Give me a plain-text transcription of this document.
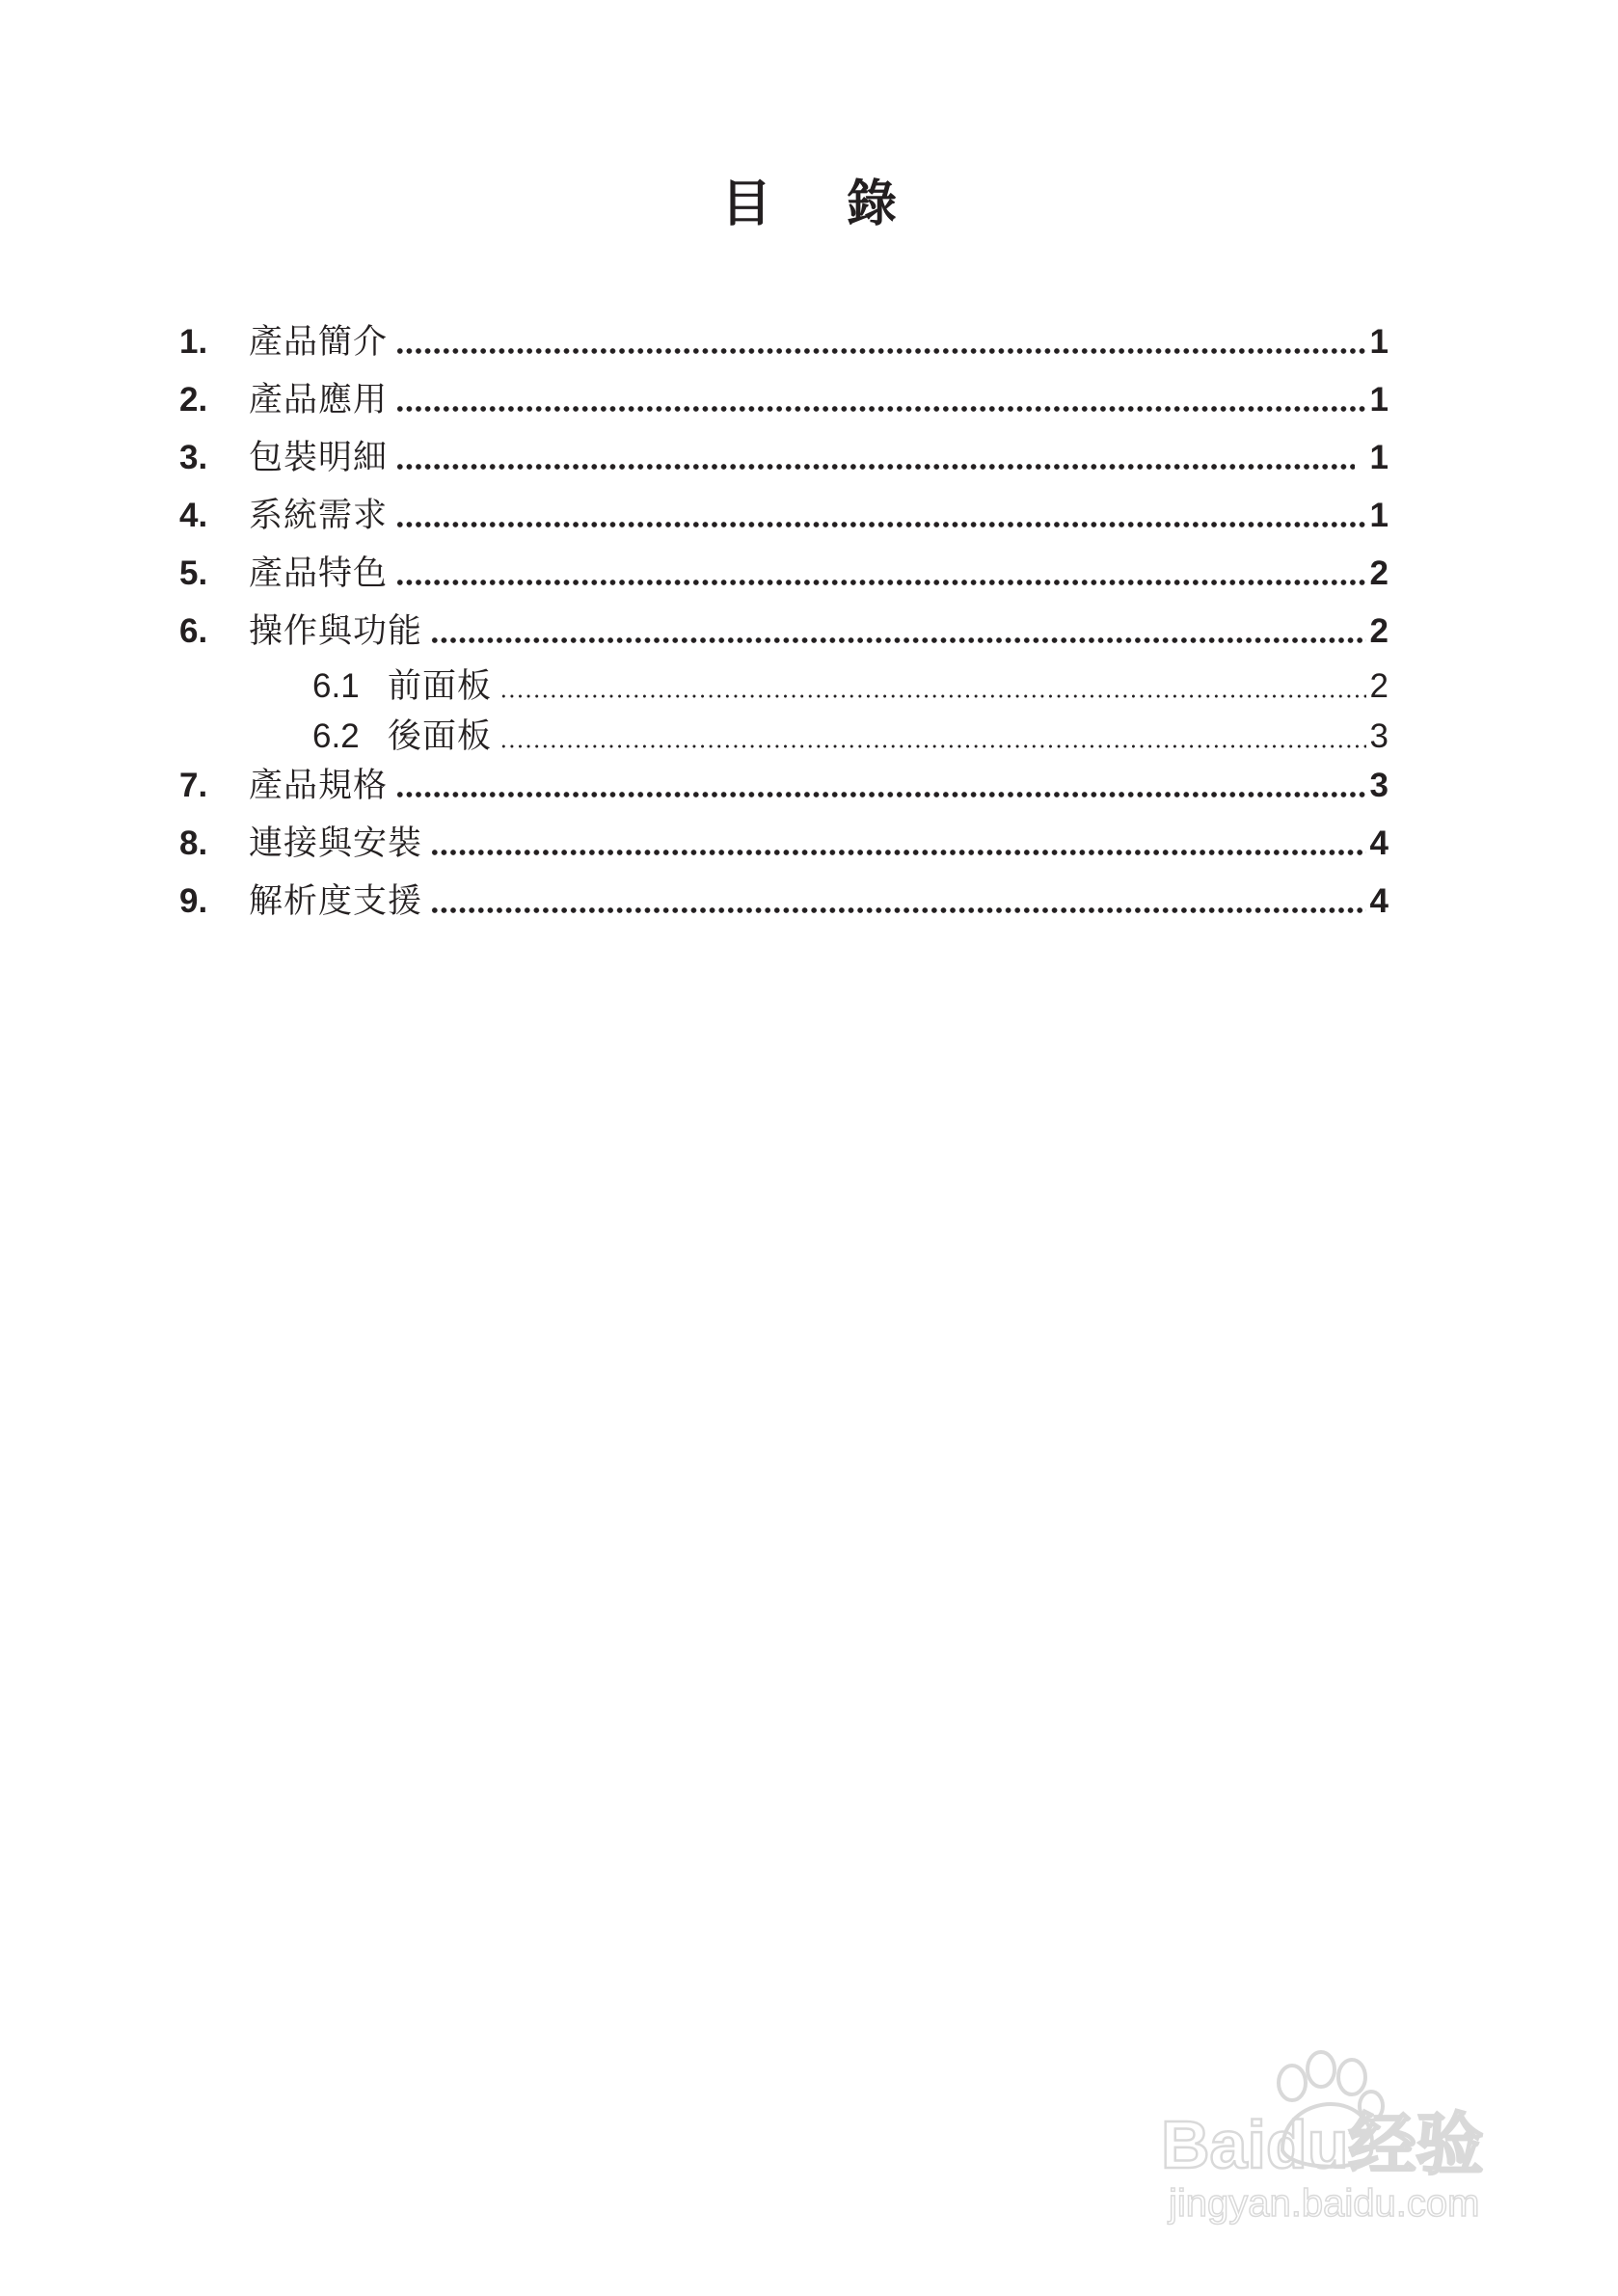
目 錄
1.	產品簡介	1
2.	產品應用	1
3.	包裝明細	1
4.	系統需求	1
5.	產品特色	2
6.	操作與功能	2
6.1 前面板	2
6.2 後面板	3
7.	產品規格	3
8.	連接與安裝	4
9.	解析度支援	4
Baidu经验
jingyan.baidu.com
